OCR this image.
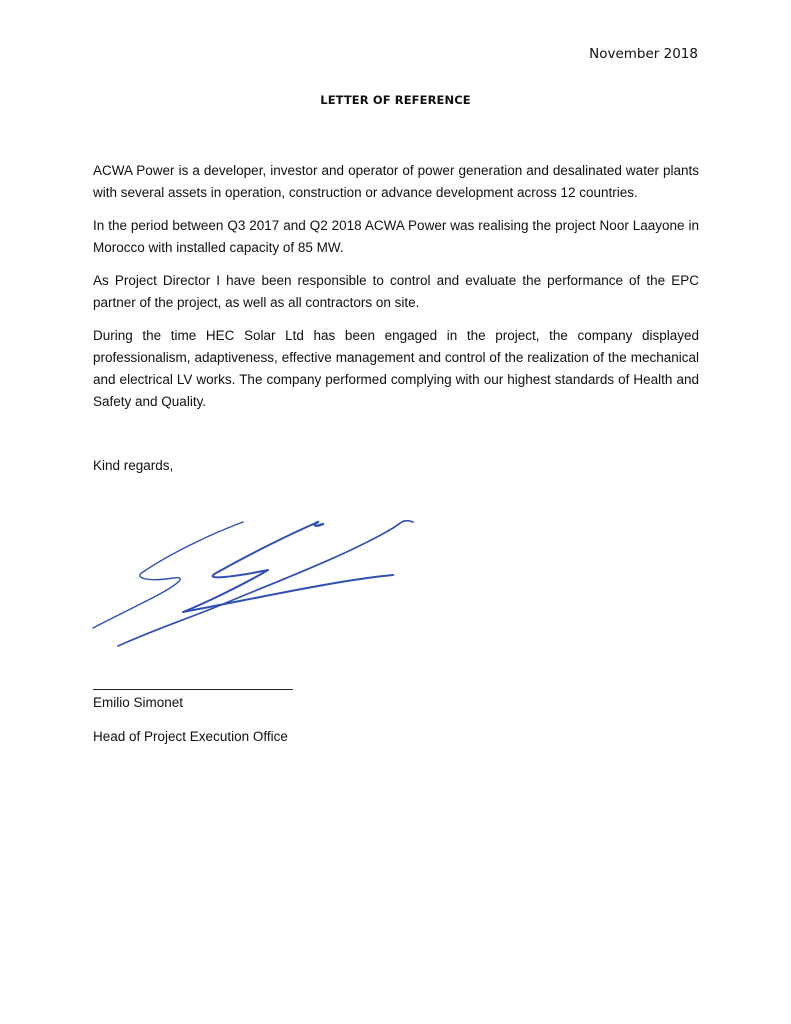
November 2018
LETTER OF REFERENCE

ACWA Power is a developer, investor and operator of power generation and desalinated water plants with several assets in operation, construction or advance development across 12 countries.

In the period between Q3 2017 and Q2 2018 ACWA Power was realising the project Noor Laayone in Morocco with installed capacity of 85 MW.

As Project Director I have been responsible to control and evaluate the performance of the EPC partner of the project, as well as all contractors on site.

During the time HEC Solar Ltd has been engaged in the project, the company displayed professionalism, adaptiveness, effective management and control of the realization of the mechanical and electrical LV works. The company performed complying with our highest standards of Health and Safety and Quality.

Kind regards,
Emilio Simonet
Head of Project Execution Office
